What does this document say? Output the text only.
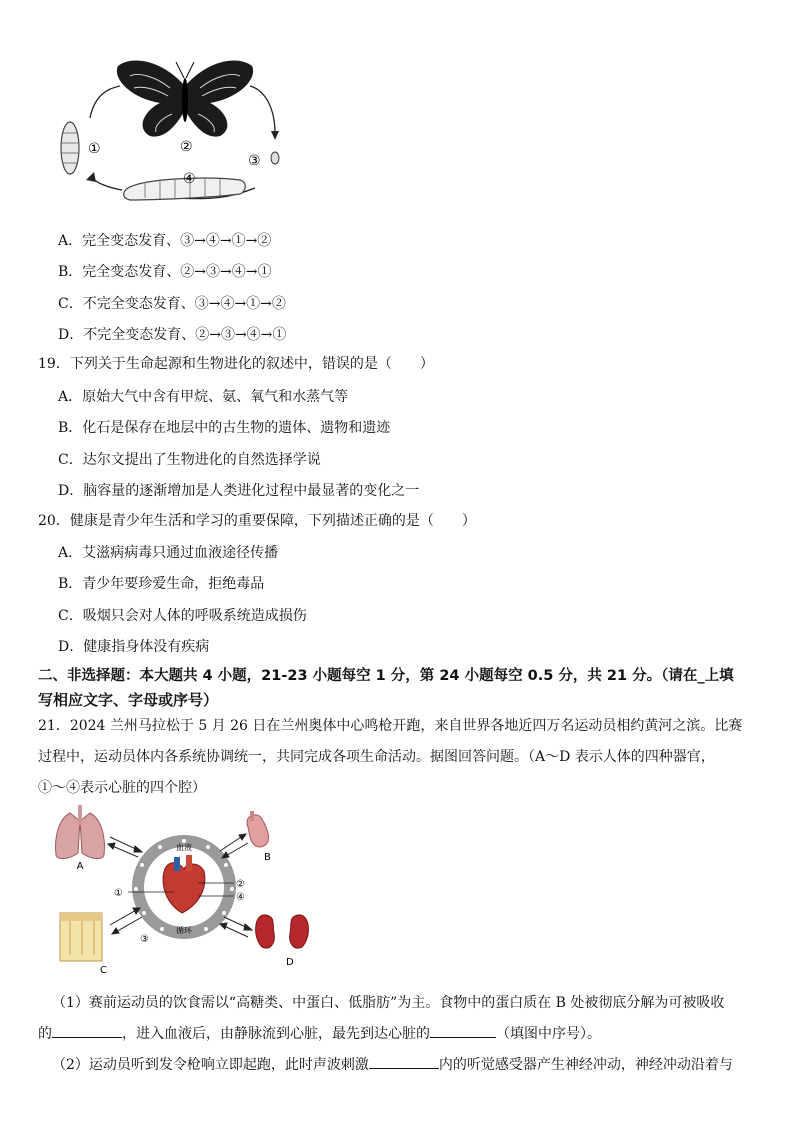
①	②
③
④
A．完全变态发育、③→④→①→②
B．完全变态发育、②→③→④→①
C．不完全变态发育、③→④→①→②
D．不完全变态发育、②→③→④→①
19．下列关于生命起源和生物进化的叙述中，错误的是（　　）
A．原始大气中含有甲烷、氨、氧气和水蒸气等
B．化石是保存在地层中的古生物的遗体、遗物和遗迹
C．达尔文提出了生物进化的自然选择学说
D．脑容量的逐渐增加是人类进化过程中最显著的变化之一
20．健康是青少年生活和学习的重要保障，下列描述正确的是（　　）
A．艾滋病病毒只通过血液途径传播
B．青少年要珍爱生命，拒绝毒品
C．吸烟只会对人体的呼吸系统造成损伤
D．健康指身体没有疾病
二、非选择题：本大题共 4 小题，21-23 小题每空 1 分，第 24 小题每空 0.5 分，共 21 分。（请在_上填
写相应文字、字母或序号）
21．2024 兰州马拉松于 5 月 26 日在兰州奥体中心鸣枪开跑，来自世界各地近四万名运动员相约黄河之滨。比赛
过程中，运动员体内各系统协调统一，共同完成各项生命活动。据图回答问题。（A～D 表示人体的四种器官，
①～④表示心脏的四个腔）
A
B
C
D
血液
循环
①
②
③
④
（1）赛前运动员的饮食需以“高糖类、中蛋白、低脂肪”为主。食物中的蛋白质在 B 处被彻底分解为可被吸收
的	，进入血液后，由静脉流到心脏，最先到达心脏的	（填图中序号）。
（2）运动员听到发令枪响立即起跑，此时声波刺激	内的听觉感受器产生神经冲动，神经冲动沿着与
